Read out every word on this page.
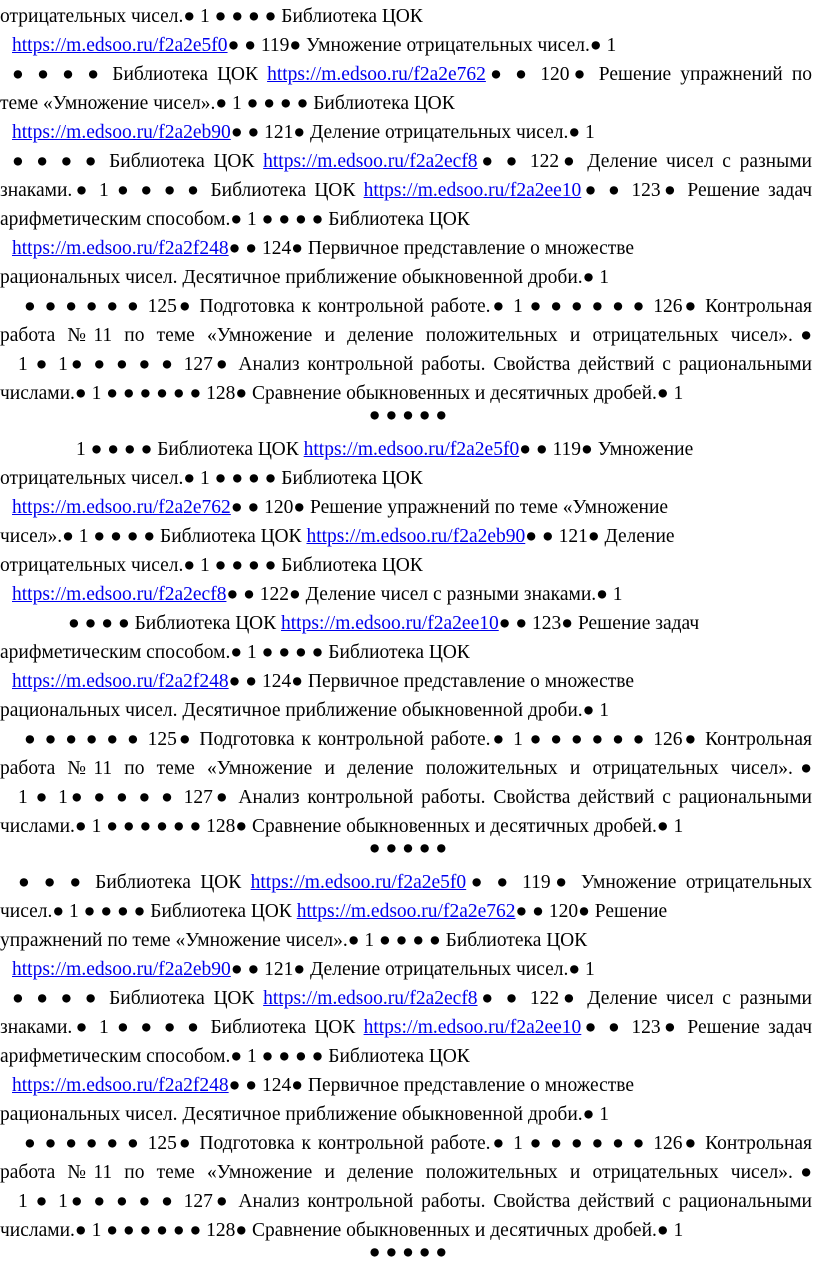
отрицательных чисел.● 1 ● ● ● ● Библиотека ЦОК
https://m.edsoo.ru/f2a2e5f0● ● 119● Умножение отрицательных чисел.● 1
● ● ● ● Библиотека ЦОК https://m.edsoo.ru/f2a2e762● ● 120● Решение упражнений по
теме «Умножение чисел».● 1 ● ● ● ● Библиотека ЦОК
https://m.edsoo.ru/f2a2eb90● ● 121● Деление отрицательных чисел.● 1
● ● ● ● Библиотека ЦОК https://m.edsoo.ru/f2a2ecf8● ● 122● Деление чисел с разными
знаками.● 1 ● ● ● ● Библиотека ЦОК https://m.edsoo.ru/f2a2ee10● ● 123● Решение задач
арифметическим способом.● 1 ● ● ● ● Библиотека ЦОК
https://m.edsoo.ru/f2a2f248● ● 124● Первичное представление о множестве
рациональных чисел. Десятичное приближение обыкновенной дроби.● 1
● ● ● ● ● ● 125● Подготовка к контрольной работе.● 1 ● ● ● ● ● ● 126● Контрольная
работа №11 по теме «Умножение и деление положительных и отрицательных чисел».●
1 ● 1● ● ● ● ● 127● Анализ контрольной работы. Свойства действий с рациональными
числами.● 1 ● ● ● ● ● ● 128● Сравнение обыкновенных и десятичных дробей.● 1
● ● ● ● ●
1 ● ● ● ● Библиотека ЦОК https://m.edsoo.ru/f2a2e5f0● ● 119● Умножение
отрицательных чисел.● 1 ● ● ● ● Библиотека ЦОК
https://m.edsoo.ru/f2a2e762● ● 120● Решение упражнений по теме «Умножение
чисел».● 1 ● ● ● ● Библиотека ЦОК https://m.edsoo.ru/f2a2eb90● ● 121● Деление
отрицательных чисел.● 1 ● ● ● ● Библиотека ЦОК
https://m.edsoo.ru/f2a2ecf8● ● 122● Деление чисел с разными знаками.● 1
● ● ● ● Библиотека ЦОК https://m.edsoo.ru/f2a2ee10● ● 123● Решение задач
арифметическим способом.● 1 ● ● ● ● Библиотека ЦОК
https://m.edsoo.ru/f2a2f248● ● 124● Первичное представление о множестве
рациональных чисел. Десятичное приближение обыкновенной дроби.● 1
● ● ● ● ● ● 125● Подготовка к контрольной работе.● 1 ● ● ● ● ● ● 126● Контрольная
работа №11 по теме «Умножение и деление положительных и отрицательных чисел».●
1 ● 1● ● ● ● ● 127● Анализ контрольной работы. Свойства действий с рациональными
числами.● 1 ● ● ● ● ● ● 128● Сравнение обыкновенных и десятичных дробей.● 1
● ● ● ● ●
● ● ● Библиотека ЦОК https://m.edsoo.ru/f2a2e5f0● ● 119● Умножение отрицательных
чисел.● 1 ● ● ● ● Библиотека ЦОК https://m.edsoo.ru/f2a2e762● ● 120● Решение
упражнений по теме «Умножение чисел».● 1 ● ● ● ● Библиотека ЦОК
https://m.edsoo.ru/f2a2eb90● ● 121● Деление отрицательных чисел.● 1
● ● ● ● Библиотека ЦОК https://m.edsoo.ru/f2a2ecf8● ● 122● Деление чисел с разными
знаками.● 1 ● ● ● ● Библиотека ЦОК https://m.edsoo.ru/f2a2ee10● ● 123● Решение задач
арифметическим способом.● 1 ● ● ● ● Библиотека ЦОК
https://m.edsoo.ru/f2a2f248● ● 124● Первичное представление о множестве
рациональных чисел. Десятичное приближение обыкновенной дроби.● 1
● ● ● ● ● ● 125● Подготовка к контрольной работе.● 1 ● ● ● ● ● ● 126● Контрольная
работа №11 по теме «Умножение и деление положительных и отрицательных чисел».●
1 ● 1● ● ● ● ● 127● Анализ контрольной работы. Свойства действий с рациональными
числами.● 1 ● ● ● ● ● ● 128● Сравнение обыкновенных и десятичных дробей.● 1
● ● ● ● ●
